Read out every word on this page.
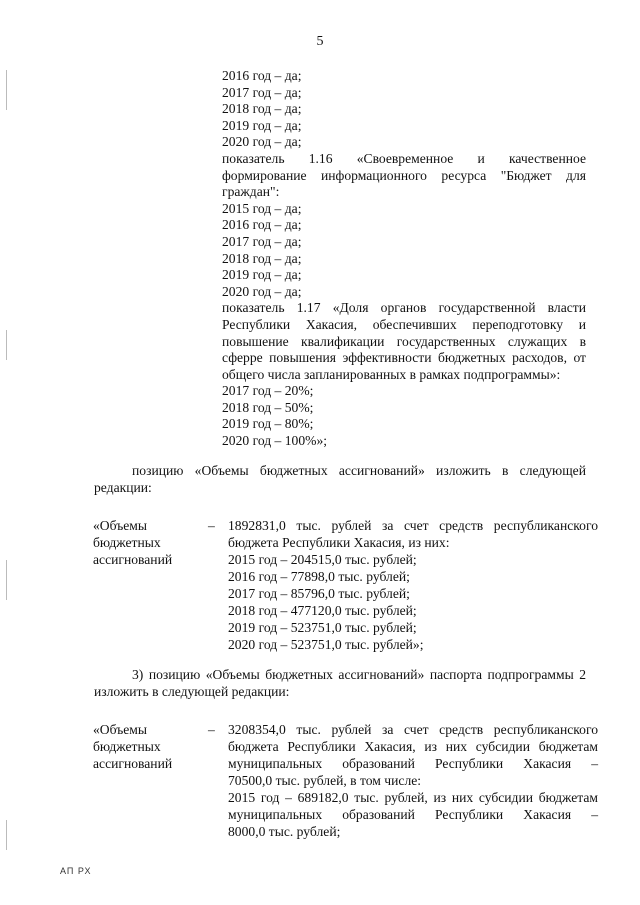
5
2016 год – да;
2017 год – да;
2018 год – да;
2019 год – да;
2020 год – да;
показатель 1.16 «Своевременное и качественное
формирование информационного ресурса "Бюджет для
граждан":
2015 год – да;
2016 год – да;
2017 год – да;
2018 год – да;
2019 год – да;
2020 год – да;
показатель 1.17 «Доля органов государственной власти
Республики Хакасия, обеспечивших переподготовку и
повышение квалификации государственных служащих в
сферре повышения эффективности бюджетных расходов, от
общего числа запланированных в рамках подпрограммы»:
2017 год – 20%;
2018 год – 50%;
2019 год – 80%;
2020 год – 100%»;
позицию «Объемы бюджетных ассигнований» изложить в следующей
редакции:
«Объемы
бюджетных
ассигнований
– 1892831,0 тыс. рублей за счет средств республиканского
бюджета Республики Хакасия, из них:
2015 год – 204515,0 тыс. рублей;
2016 год – 77898,0 тыс. рублей;
2017 год – 85796,0 тыс. рублей;
2018 год – 477120,0 тыс. рублей;
2019 год – 523751,0 тыс. рублей;
2020 год – 523751,0 тыс. рублей»;
3) позицию «Объемы бюджетных ассигнований» паспорта подпрограммы 2
изложить в следующей редакции:
«Объемы
бюджетных
ассигнований
– 3208354,0 тыс. рублей за счет средств республиканского
бюджета Республики Хакасия, из них субсидии бюджетам
муниципальных образований Республики Хакасия –
70500,0 тыс. рублей, в том числе:
2015 год – 689182,0 тыс. рублей, из них субсидии бюджетам
муниципальных образований Республики Хакасия –
8000,0 тыс. рублей;
АП РХ
